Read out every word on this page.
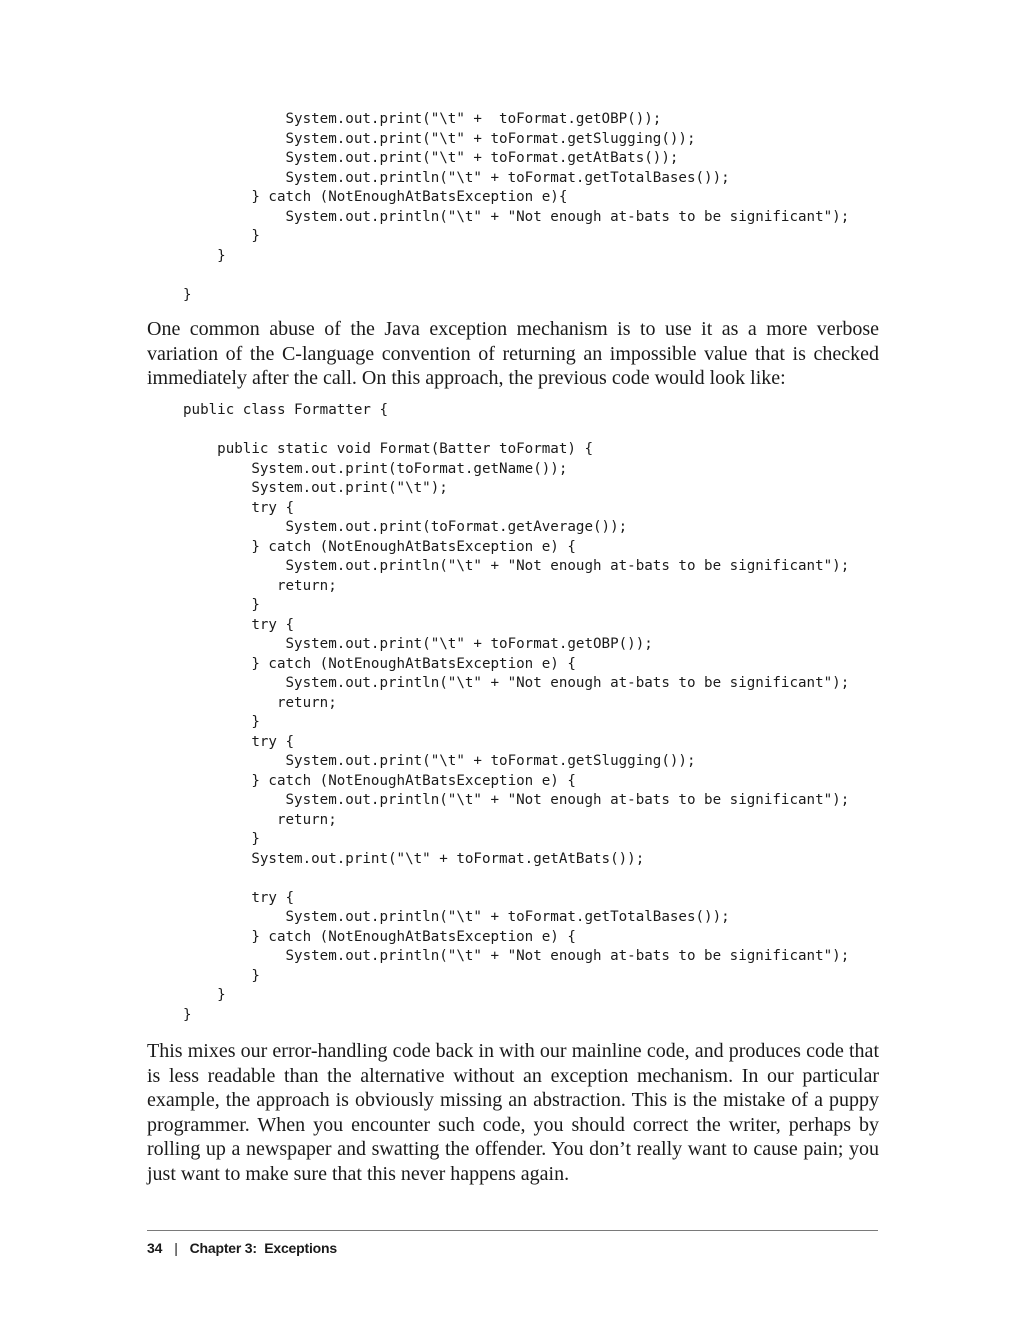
System.out.print("\t" +  toFormat.getOBP());
System.out.print("\t" + toFormat.getSlugging());
System.out.print("\t" + toFormat.getAtBats());
System.out.println("\t" + toFormat.getTotalBases());
} catch (NotEnoughAtBatsException e){
System.out.println("\t" + "Not enough at-bats to be significant");
}
}
}

One common abuse of the Java exception mechanism is to use it as a more verbose variation of the C-language convention of returning an impossible value that is checked immediately after the call. On this approach, the previous code would look like:

public class Formatter {
public static void Format(Batter toFormat) {
System.out.print(toFormat.getName());
System.out.print("\t");
try {
System.out.print(toFormat.getAverage());
} catch (NotEnoughAtBatsException e) {
System.out.println("\t" + "Not enough at-bats to be significant");
return;
}
try {
System.out.print("\t" + toFormat.getOBP());
} catch (NotEnoughAtBatsException e) {
System.out.println("\t" + "Not enough at-bats to be significant");
return;
}
try {
System.out.print("\t" + toFormat.getSlugging());
} catch (NotEnoughAtBatsException e) {
System.out.println("\t" + "Not enough at-bats to be significant");
return;
}
System.out.print("\t" + toFormat.getAtBats());
try {
System.out.println("\t" + toFormat.getTotalBases());
} catch (NotEnoughAtBatsException e) {
System.out.println("\t" + "Not enough at-bats to be significant");
}
}
}

This mixes our error-handling code back in with our mainline code, and produces code that is less readable than the alternative without an exception mechanism. In our particular example, the approach is obviously missing an abstraction. This is the mistake of a puppy programmer. When you encounter such code, you should correct the writer, perhaps by rolling up a newspaper and swatting the offender. You don’t really want to cause pain; you just want to make sure that this never happens again.

34 | Chapter 3:  Exceptions
